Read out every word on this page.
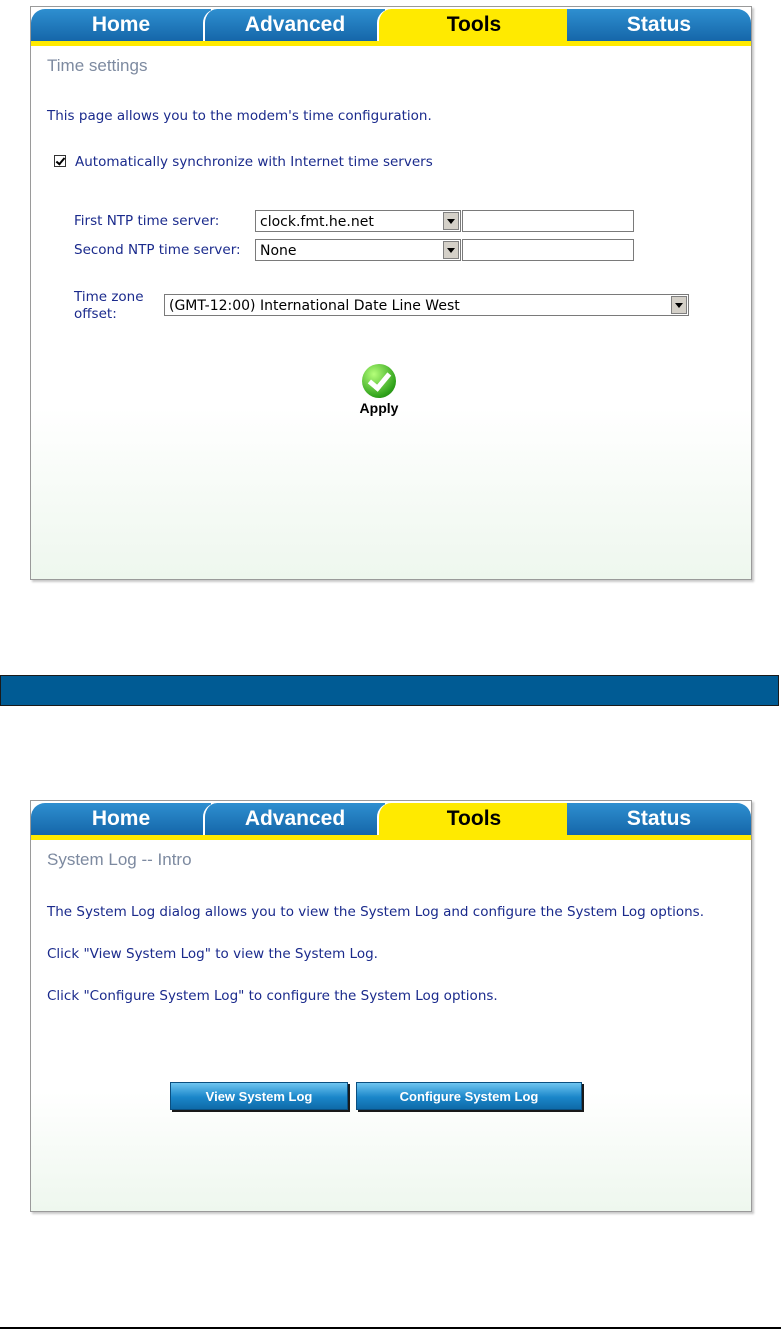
Home	Advanced	Tools	Status
Time settings
This page allows you to the modem's time configuration.
Automatically synchronize with Internet time servers
First NTP time server:	clock.fmt.he.net
Second NTP time server:	None
Time zone
offset:	(GMT-12:00) International Date Line West
Apply
Home	Advanced	Tools	Status
System Log -- Intro
The System Log dialog allows you to view the System Log and configure the System Log options.
Click "View System Log" to view the System Log.
Click "Configure System Log" to configure the System Log options.
View System Log	Configure System Log
